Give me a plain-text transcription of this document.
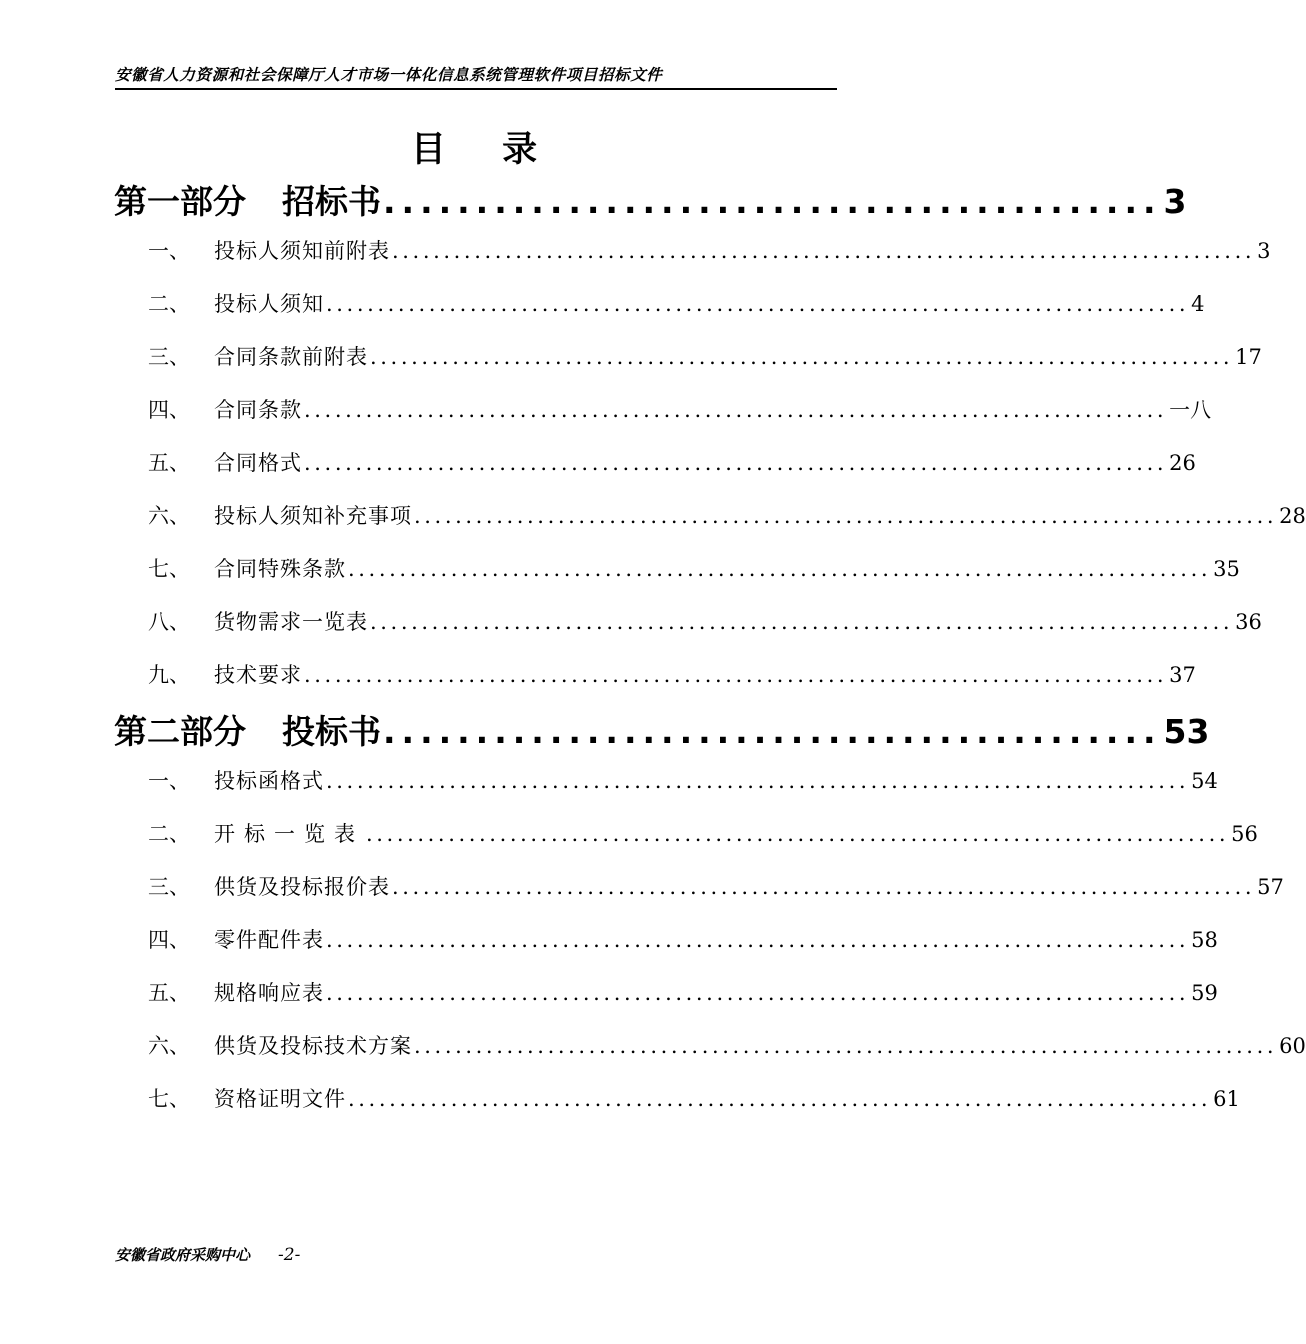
安徽省人力资源和社会保障厅人才市场一体化信息系统管理软件项目招标文件
目 录
第一部分 招标书 .......................................... 3
一、	投标人须知前附表 .................................................................................... 3
二、	投标人须知 .................................................................................... 4
三、	合同条款前附表 .................................................................................... 17
四、	合同条款 .................................................................................... 一八
五、	合同格式 .................................................................................... 26
六、	投标人须知补充事项 .................................................................................... 28
七、	合同特殊条款 .................................................................................... 35
八、	货物需求一览表 .................................................................................... 36
九、	技术要求 .................................................................................... 37
第二部分 投标书 .......................................... 53
一、	投标函格式 .................................................................................... 54
二、	开标一览表 .................................................................................... 56
三、	供货及投标报价表 .................................................................................... 57
四、	零件配件表 .................................................................................... 58
五、	规格响应表 .................................................................................... 59
六、	供货及投标技术方案 .................................................................................... 60
七、	资格证明文件 .................................................................................... 61
安徽省政府采购中心 -2-
